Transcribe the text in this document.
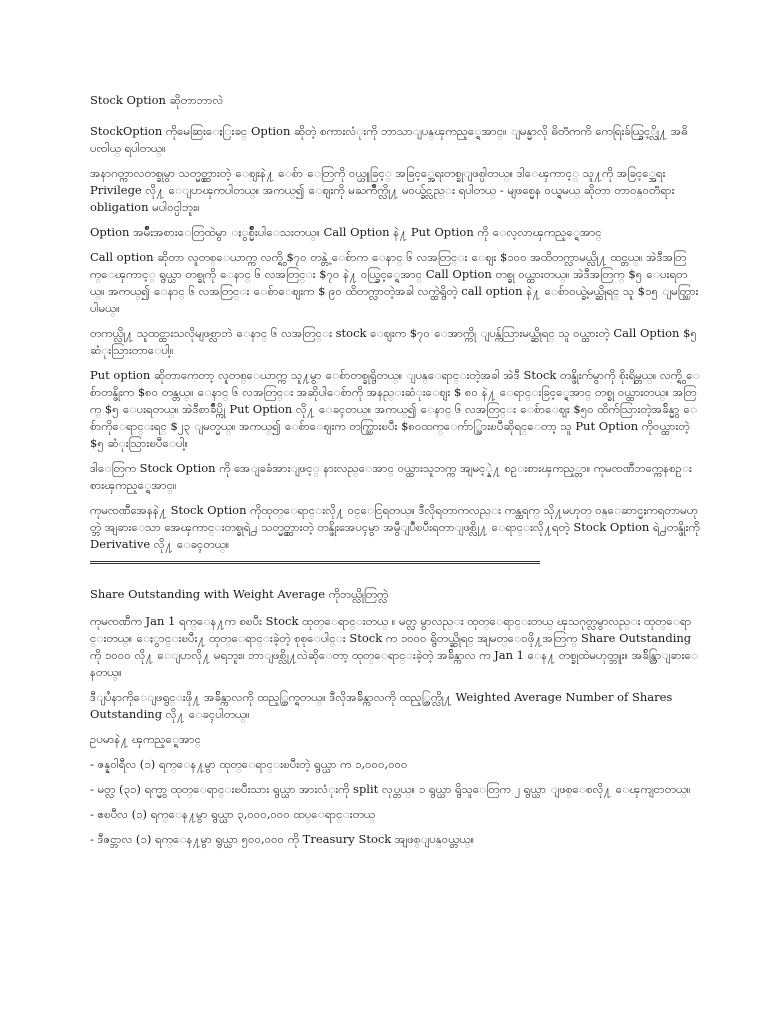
Stock Option ဆိုတာဘာလဲ

StockOption ကိုမေဆြးေႏြးခင္ Option ဆိုတဲ့ စကားလံုးကို ဘာသာျပန္ၾကည့္ရေအာင္။ ျမန္မာလို ဓိတၱကကိ ကေရြးခ်ယ္ခြင့္လို႔ အဓိပၸါယ္ ရပါတယ္။

အနာဂတ္ကာလတစ္ခုမွာ သတ္မွတ္ထားတဲ့ ေဈးနဲ႔ ေစ်ာ ေတြကို ဝယ္ယူခြင့္ အခြင့္အေရးတစ္ခုျဖစ္ပါတယ္။ ဒါေၾကာင့္ သူ႔ကို အခြင့္အေရး Privilege လို႔ ေျပာၾကပါတယ္။ အကယ္၍ ေဈးကို မႀကိဳက္လို႔ မဝယ္ခ်င္လည္း ရပါတယ္ - မျဖစ္မေန ဝယ္ရမယ္ ဆိုတာ တာဝန္ဝတၱရား obligation မပါဝင္ပါဘူး။

Option အမ်ိဳးအစားေတြထဲမွာ ႏွစ္မ်ိဳးပါေသးတယ္။ Call Option နဲ႔ Put Option ကို ေလ့လာၾကည့္ရေအာင္

Call option ဆိုတာ လူတစ္ေယာက္က လက္ရွိ $၇၀ တန္တဲ့ ေစ်ာက ေနာင္ ၆ လအတြင္း ေဈး $၁၀၀ အထိတက္လာမယ္လို႔ ထင္တယ္။ အဲဒီအတြက္ေၾကာင့္ ရွယ္ယာ တစ္ခုကို ေနာင္ ၆ လအတြင္း $၇၀ နဲ႔ ဝယ္ခြင့္ရေအာင္ Call Option တစ္ခု ဝယ္ထားတယ္။ အဲဒီအတြက္ $၅ ေပးရတယ္။ အကယ္၍ ေနာင္ ၆ လအတြင္း ေစ်ာေဈးက $ ၉၀ ထိတက္လာတဲ့အခါ လက္ထဲရွိတဲ့ call option နဲ႔ ေစ်ာဝယ္ခဲ့မယ္ဆိုရင္ သူ $၁၅ ျမတ္သြားပါမယ္။

တကယ္လို႔ သူထင္ထားသလိုမျဖစ္လာဘဲ ေနာင္ ၆ လအတြင္း stock ေဈးက $၇၀ ေအာက္ကို ျပန္က်သြားမယ္ဆိုရင္ သူ ဝယ္ထားတဲ့ Call Option $၅ ဆံုးသြားတာေပါ့။

Put option ဆိုတာကေတာ့ လူတစ္ေယာက္က သူ႔မွာ ေစ်ာတစ္ခုရွိတယ္။ ျပန္ေရာင္းတဲ့အခါ အဲဒီ Stock တန္ဖိုးက်မွာကို စိုးရိမ္တယ္။ လက္ရွိ ေစ်ာတန္ဖိုးက $၈၀ တန္တယ္။ ေနာင္ ၆ လအတြင္း အဆိုပါေစ်ာကို အနည္းဆံုးေဈး $ ၈၀ နဲ႔ ေရာင္းခြင့္ရေအာင္ တစ္ခု ဝယ္ထားတယ္။ အတြက္ $၅ ေပးရတယ္။ အဲဒီစာခ်ဳပ္ကို Put Option လို႔ ေခၚတယ္။ အကယ္၍ ေနာင္ ၆ လအတြင္း ေစ်ာေဈး $၅၀ ထိက်သြားတဲ့အခ်ိန္မွာ ေစ်ာကိုေရာင္းရင္ $၂၃ ျမတ္မယ္။ အကယ္၍ ေစ်ာေဈးက တက္သြားၿပီး $၈၀ထက္ေက်ာ္သြားၿပီဆိုရင္ေတာ့ သူ Put Option ကိုဝယ္ထားတဲ့ $၅ ဆံုးသြားၿပီေပါ့။

ဒါေတြက Stock Option ကို အေျခခံအားျဖင့္ နားလည္ေအာင္ ဝယ္ထားသူဘက္က အျမင့္နဲ႔ စဥ္းစားၾကည့္တာ။ ကုမၸဏီဘက္ကေနစဥ္းစားၾကည့္ရေအာင္။

ကုမၸဏီအေနနဲ႔ Stock Option ကိုထုတ္ေရာင္းလို႔ ဝင္ေငြရတယ္။ ဒီလိုရတာကလည္း ကန္ထရက္ သို႔မဟုတ္ ဝန္ေဆာင္မႈကရတာမဟုတ္ဘဲ အျခားေသာ အေၾကာင္းတစ္ခုရဲ႕ သတ္မွတ္ထားတဲ့ တန္ဖိုးအေပၚမွာ အမွီျပဳၿပီးရတာျဖစ္လို႔ ေရာင္းလို႔ရတဲ့ Stock Option ရဲ႕တန္ဖိုးကို Derivative လို႔ ေခၚတယ္။

Share Outstanding with Weight Average ကိုဘယ္လိုတြက္လဲ

ကုမၸဏီက Jan 1 ရက္ေန႔က စၿပီး Stock ထုတ္ေရာင္းတယ္ ။ မတ္လ မွာလည္း ထုတ္ေရာင္းတယ္ ၾသဂုတ္လမွာလည္း ထုတ္ေရာင္းတယ္။ ေႏွာင္းၿပီး႔ ထုတ္ေရာင္းခဲ့တဲ့ စုစုေပါင္း Stock က ၁၀၀၀ ရွိတယ္ဆိုရင္ အျမတ္ေဝဖို႔အတြက္ Share Outstanding ကို ၁၀၀၀ လို႔ ေျပာလို႔ မရဘူး။ ဘာျဖစ္လို႔လဲဆိုေတာ့ ထုတ္ေရာင္းခဲ့တဲ့ အခ်ိန္ကာလ က Jan 1 ေန႔ တစ္ခုထဲမဟုတ္ဘူး။ အခ်ိန္ကြာျခားေနတယ္။

ဒီျပႆနာကိုေျဖရွင္းဖို႔ အခ်ိန္ကာလကို ထည့္တြက္ရတယ္။ ဒီလိုအခ်ိန္ကာလကို ထည့္တြက္လို႔ Weighted Average Number of Shares Outstanding လို႔ ေခၚပါတယ္။

ဥပမာနဲ႔ ၾကည့္ရေအာင္

- ဇန္နဝါရီလ (၁) ရက္ေန႔မွာ ထုတ္ေရာင္းၿပီးတဲ့ ရွယ္ယာ က ၁,၀၀၀,၀၀၀

- မတ္လ (၃၁) ရက္မွာ ထုတ္ေရာင္းၿပီးသား ရွယ္ယာ အားလံုးကို split လုပ္တယ္။ ၁ ရွယ္ယာ ရွိသူေတြက ၂ ရွယ္ယာ ျဖစ္ေစလို႔ ေၾကျငာတယ္။

- ဧၿပီလ (၁) ရက္ေန႔မွာ ရွယ္ယာ ၃,၀၀၀,၀၀၀ ထပ္ေရာင္းတယ္

- ဒီဇင္ဘာလ (၁) ရက္ေန႔မွာ ရွယ္ယာ ၅၀၀,၀၀၀ ကို Treasury Stock အျဖစ္ျပန္ဝယ္တယ္။
